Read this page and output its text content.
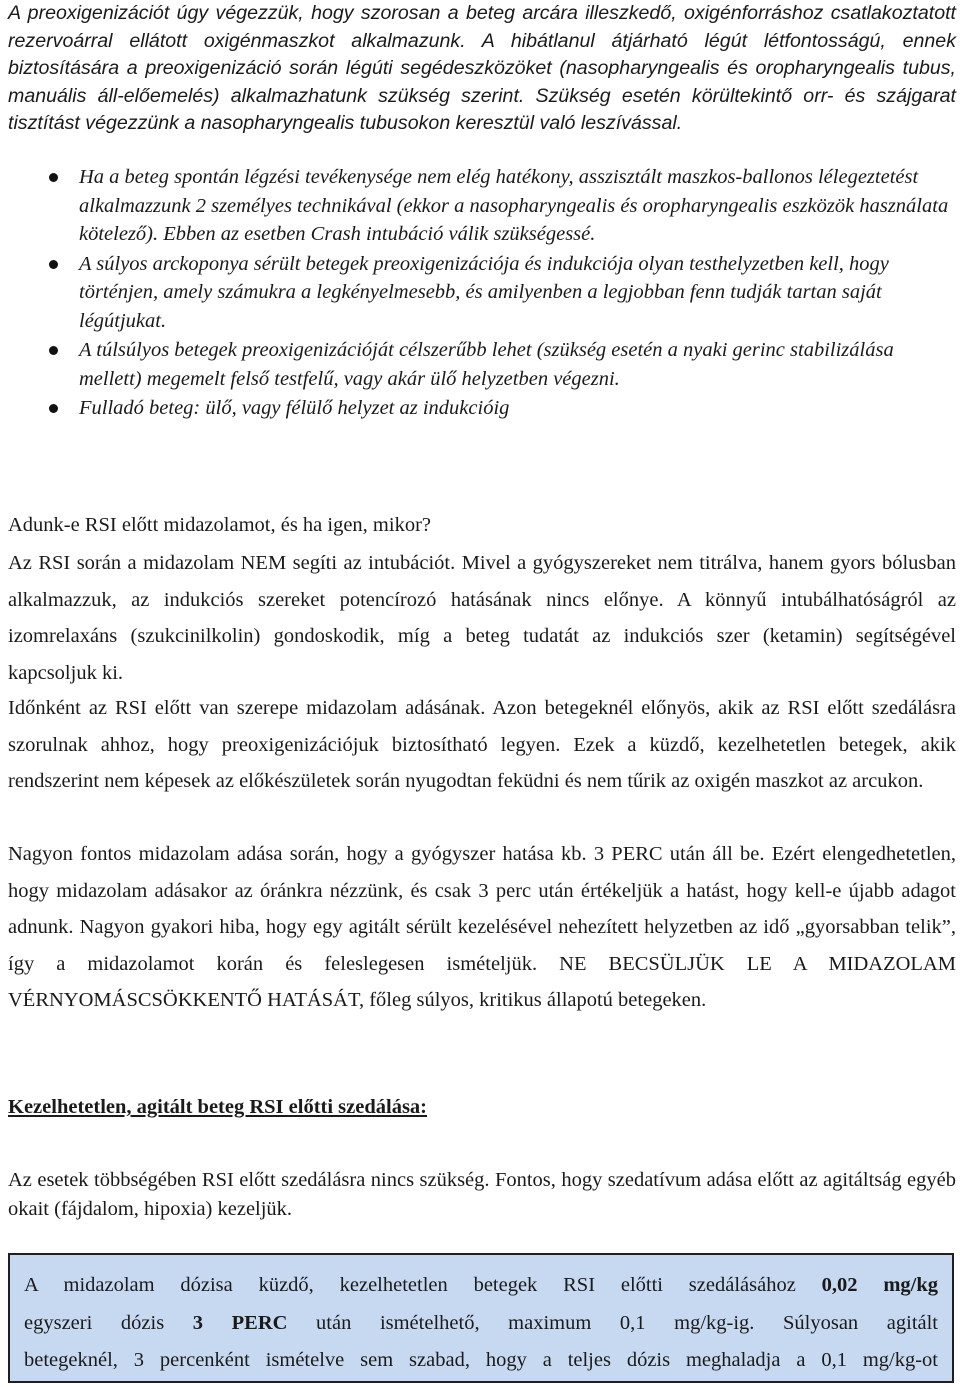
A preoxigenizációt úgy végezzük, hogy szorosan a beteg arcára illeszkedő, oxigénforráshoz csatlakoztatott rezervoárral ellátott oxigénmaszkot alkalmazunk. A hibátlanul átjárható légút létfontosságú, ennek biztosítására a preoxigenizáció során légúti segédeszközöket (nasopharyngealis és oropharyngealis tubus, manuális áll-előemelés) alkalmazhatunk szükség szerint. Szükség esetén körültekintő orr- és szájgarat tisztítást végezzünk a nasopharyngealis tubusokon keresztül való leszívással.

Ha a beteg spontán légzési tevékenysége nem elég hatékony, asszisztált maszkos-ballonos lélegeztetést alkalmazzunk 2 személyes technikával (ekkor a nasopharyngealis és oropharyngealis eszközök használata kötelező). Ebben az esetben Crash intubáció válik szükségessé.
A súlyos arckoponya sérült betegek preoxigenizációja és indukciója olyan testhelyzetben kell, hogy történjen, amely számukra a legkényelmesebb, és amilyenben a legjobban fenn tudják tartan saját légútjukat.
A túlsúlyos betegek preoxigenizációját célszerűbb lehet (szükség esetén a nyaki gerinc stabilizálása mellett) megemelt felső testfelű, vagy akár ülő helyzetben végezni.
Fulladó beteg: ülő, vagy félülő helyzet az indukcióig

Adunk-e RSI előtt midazolamot, és ha igen, mikor?

Az RSI során a midazolam NEM segíti az intubációt. Mivel a gyógyszereket nem titrálva, hanem gyors bólusban alkalmazzuk, az indukciós szereket potencírozó hatásának nincs előnye. A könnyű intubálhatóságról az izomrelaxáns (szukcinilkolin) gondoskodik, míg a beteg tudatát az indukciós szer (ketamin) segítségével kapcsoljuk ki.

Időnként az RSI előtt van szerepe midazolam adásának. Azon betegeknél előnyös, akik az RSI előtt szedálásra szorulnak ahhoz, hogy preoxigenizációjuk biztosítható legyen. Ezek a küzdő, kezelhetetlen betegek, akik rendszerint nem képesek az előkészületek során nyugodtan feküdni és nem tűrik az oxigén maszkot az arcukon.

Nagyon fontos midazolam adása során, hogy a gyógyszer hatása kb. 3 PERC után áll be. Ezért elengedhetetlen, hogy midazolam adásakor az óránkra nézzünk, és csak 3 perc után értékeljük a hatást, hogy kell-e újabb adagot adnunk. Nagyon gyakori hiba, hogy egy agitált sérült kezelésével nehezített helyzetben az idő „gyorsabban telik”, így a midazolamot korán és feleslegesen ismételjük. NE BECSÜLJÜK LE A MIDAZOLAM VÉRNYOMÁSCSÖKKENTŐ HATÁSÁT, főleg súlyos, kritikus állapotú betegeken.

Kezelhetetlen, agitált beteg RSI előtti szedálása:

Az esetek többségében RSI előtt szedálásra nincs szükség. Fontos, hogy szedatívum adása előtt az agitáltság egyéb okait (fájdalom, hipoxia) kezeljük.

A midazolam dózisa küzdő, kezelhetetlen betegek RSI előtti szedálásához 0,02 mg/kg

egyszeri dózis 3 PERC után ismételhető, maximum 0,1 mg/kg-ig. Súlyosan agitált

betegeknél, 3 percenként ismételve sem szabad, hogy a teljes dózis meghaladja a 0,1 mg/kg-ot
